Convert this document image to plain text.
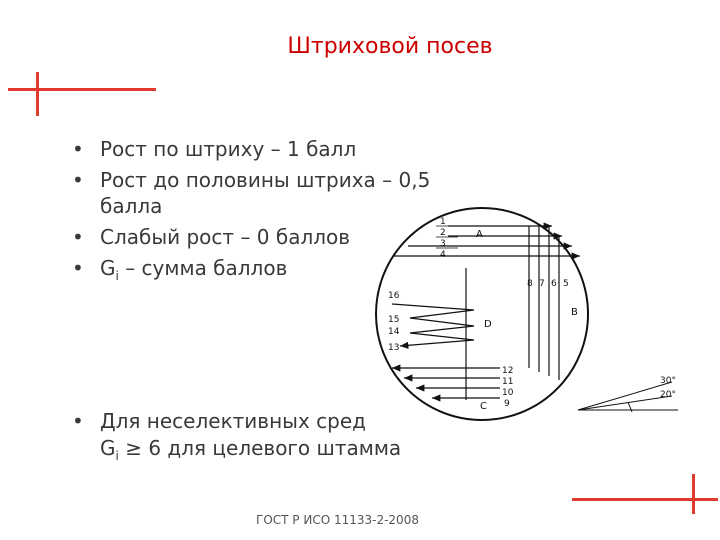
Штриховой посев
• Рост по штриху – 1 балл
• Рост до половины штриха – 0,5 балла
• Слабый рост – 0 баллов
• $G_i$ – сумма баллов
• Для неселективных сред
$G_i \ge 6$ для целевого штамма
1
2
3
4
A
8 7 6 5
B
16
15
14
13
D
12
11
10
9
C
30°
20°
ГОСТ Р ИСО 11133-2-2008
